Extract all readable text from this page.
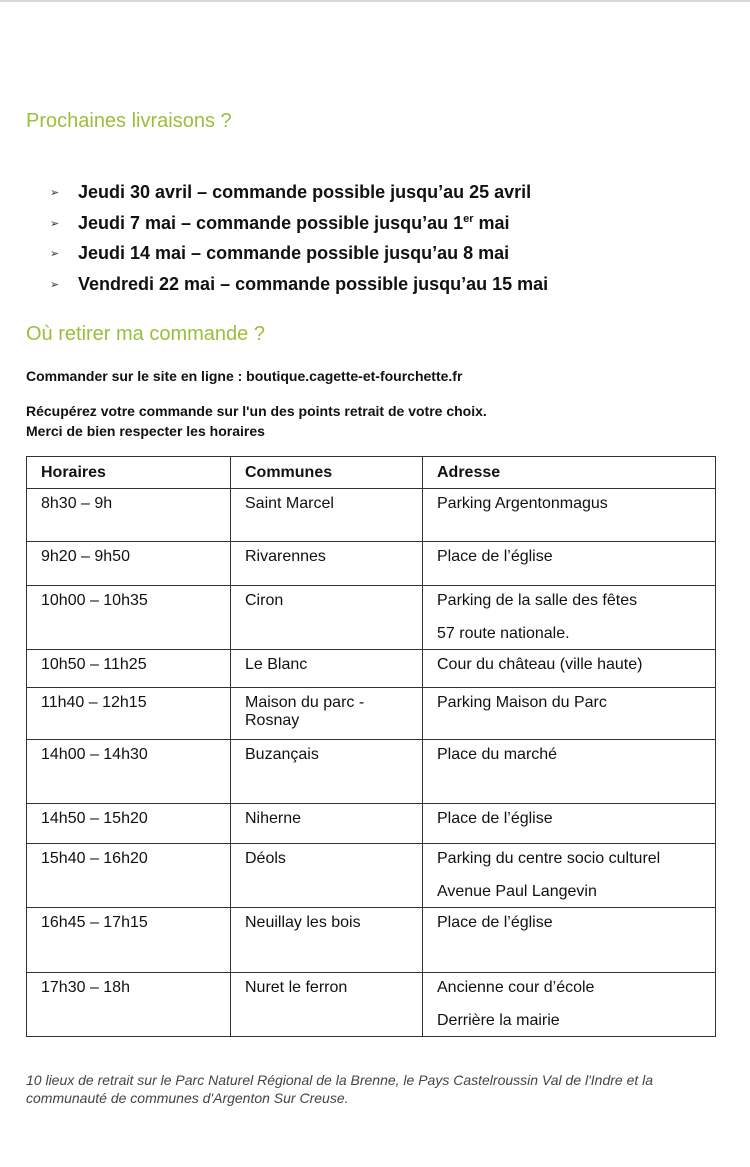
Prochaines livraisons ?
➢ Jeudi 30 avril – commande possible jusqu’au 25 avril
➢ Jeudi 7 mai – commande possible jusqu’au 1er mai
➢ Jeudi 14 mai – commande possible jusqu’au 8 mai
➢ Vendredi 22 mai – commande possible jusqu’au 15 mai
Où retirer ma commande ?

Commander sur le site en ligne : boutique.cagette-et-fourchette.fr

Récupérez votre commande sur l'un des points retrait de votre choix.

Merci de bien respecter les horaires

Horaires	Communes	Adresse
8h30 – 9h	Saint Marcel	Parking Argentonmagus
9h20 – 9h50	Rivarennes	Place de l’église
10h00 – 10h35	Ciron	Parking de la salle des fêtes
57 route nationale.

10h50 – 11h25	Le Blanc	Cour du château (ville haute)
11h40 – 12h15	Maison du parc - Rosnay	Parking Maison du Parc
14h00 – 14h30	Buzançais	Place du marché
14h50 – 15h20	Niherne	Place de l’église
15h40 – 16h20	Déols	Parking du centre socio culturel
Avenue Paul Langevin

16h45 – 17h15	Neuillay les bois	Place de l’église
17h30 – 18h	Nuret le ferron	Ancienne cour d’école
Derrière la mairie

10 lieux de retrait sur le Parc Naturel Régional de la Brenne, le Pays Castelroussin Val de l'Indre et la communauté de communes d'Argenton Sur Creuse.
